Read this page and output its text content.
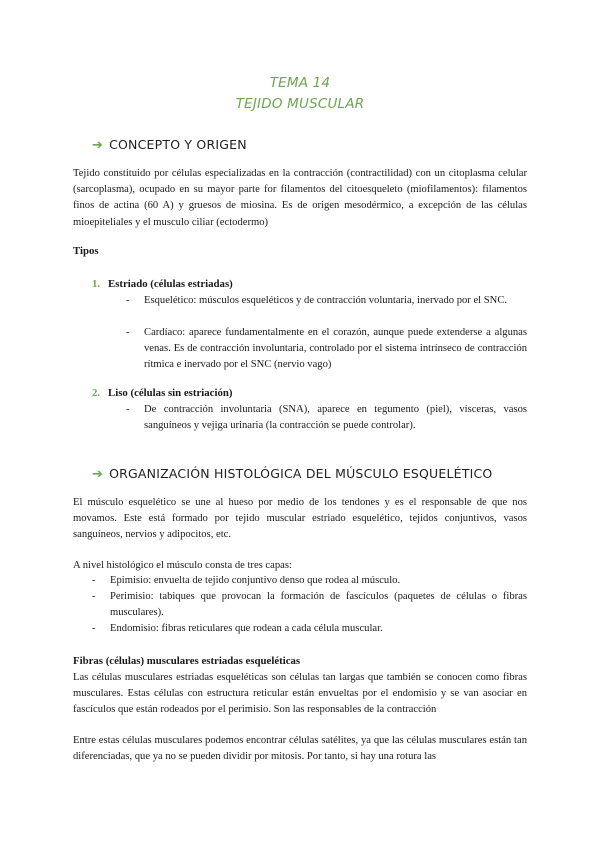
TEMA 14
TEJIDO MUSCULAR
➔ CONCEPTO Y ORIGEN

Tejido constituido por células especializadas en la contracción (contractilidad) con un citoplasma celular (sarcoplasma), ocupado en su mayor parte for filamentos del citoesqueleto (miofilamentos): filamentos finos de actina (60 A) y gruesos de miosina. Es de origen mesodérmico, a excepción de las células mioepiteliales y el musculo ciliar (ectodermo)

Tipos
1. Estriado (células estriadas)
- Esquelético: músculos esqueléticos y de contracción voluntaria, inervado por el SNC.
- Cardíaco: aparece fundamentalmente en el corazón, aunque puede extenderse a algunas venas. Es de contracción involuntaria, controlado por el sistema intrínseco de contracción rítmica e inervado por el SNC (nervio vago)
2. Liso (células sin estriación)
- De contracción involuntaria (SNA), aparece en tegumento (piel), vísceras, vasos sanguíneos y vejiga urinaria (la contracción se puede controlar).
➔ ORGANIZACIÓN HISTOLÓGICA DEL MÚSCULO ESQUELÉTICO

El músculo esquelético se une al hueso por medio de los tendones y es el responsable de que nos movamos. Este está formado por tejido muscular estriado esquelético, tejidos conjuntivos, vasos sanguíneos, nervios y adipocitos, etc.

A nivel histológico el músculo consta de tres capas:

- Epimisio: envuelta de tejido conjuntivo denso que rodea al músculo.
- Perimisio: tabiques que provocan la formación de fascículos (paquetes de células o fibras musculares).
- Endomisio: fibras reticulares que rodean a cada célula muscular.
Fibras (células) musculares estriadas esqueléticas

Las células musculares estriadas esqueléticas son células tan largas que también se conocen como fibras musculares. Estas células con estructura reticular están envueltas por el endomisio y se van asociar en fascículos que están rodeados por el perimisio. Son las responsables de la contracción

Entre estas células musculares podemos encontrar células satélites, ya que las células musculares están tan diferenciadas, que ya no se pueden dividir por mitosis. Por tanto, si hay una rotura las
